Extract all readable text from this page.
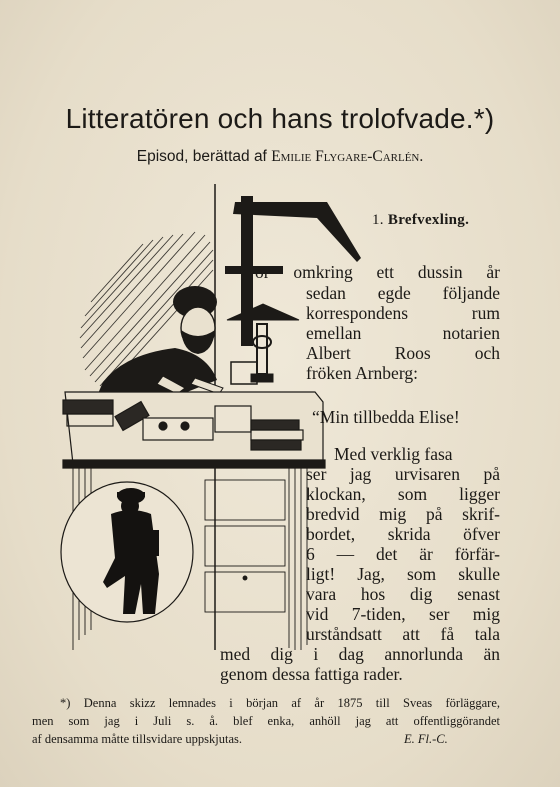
Litteratören och hans trolofvade.*)
Episod, berättad af Emilie Flygare-Carlén.
1. Brefvexling.
ör omkring ett dussin år
sedan egde följande
korrespondens rum
emellan notarien
Albert Roos och
fröken Arnberg:
“Min tillbedda Elise!
Med verklig fasa
ser jag urvisaren på
klockan, som ligger
bredvid mig på skrif-
bordet, skrida öfver
6 — det är förfär-
ligt! Jag, som skulle
vara hos dig senast
vid 7-tiden, ser mig
urståndsatt att få tala
med dig i dag annorlunda än
genom dessa fattiga rader.
*) Denna skizz lemnades i början af år 1875 till Sveas förläggare,
men som jag i Juli s. å. blef enka, anhöll jag att offentliggörandet
af densamma måtte tillsvidare uppskjutas.	E. Fl.-C.
